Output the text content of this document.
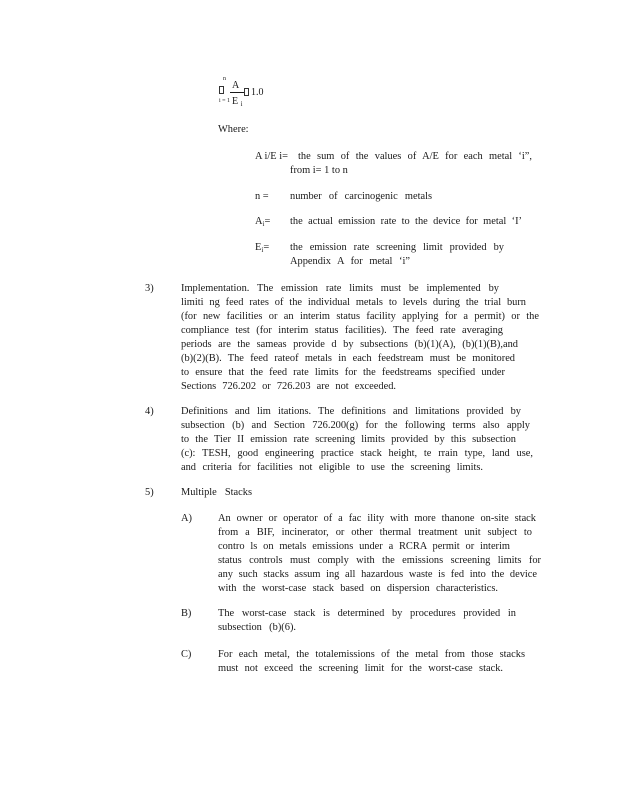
n
A
1.0
i = 1 E $_i$
Where:
A i/E i= the sum of the values of A/E for each metal ‘i”,
from i= 1 to n
n = number of carcinogenic metals
$A_i=$ the actual emission rate to the device for metal ‘I’
$E_i=$ the emission rate screening limit provided by
Appendix A for metal ‘i”
3)	Implementation. The emission rate limits must be implemented by
limiti ng feed rates of the individual metals to levels during the trial burn
(for new facilities or an interim status facility applying for a permit) or the
compliance test (for interim status facilities). The feed rate averaging
periods are the sameas provide d by subsections (b)(1)(A), (b)(1)(B),and
(b)(2)(B). The feed rateof metals in each feedstream must be monitored
to ensure that the feed rate limits for the feedstreams specified under
Sections 726.202 or 726.203 are not exceeded.
4)	Definitions and lim itations. The definitions and limitations provided by
subsection (b) and Section 726.200(g) for the following terms also apply
to the Tier II emission rate screening limits provided by this subsection
(c): TESH, good engineering practice stack height, te rrain type, land use,
and criteria for facilities not eligible to use the screening limits.
5)	Multiple Stacks
A)	An owner or operator of a fac ility with more thanone on-site stack
from a BIF, incinerator, or other thermal treatment unit subject to
contro ls on metals emissions under a RCRA permit or interim
status controls must comply with the emissions screening limits for
any such stacks assum ing all hazardous waste is fed into the device
with the worst-case stack based on dispersion characteristics.
B)	The worst-case stack is determined by procedures provided in
subsection (b)(6).
C)	For each metal, the totalemissions of the metal from those stacks
must not exceed the screening limit for the worst-case stack.
